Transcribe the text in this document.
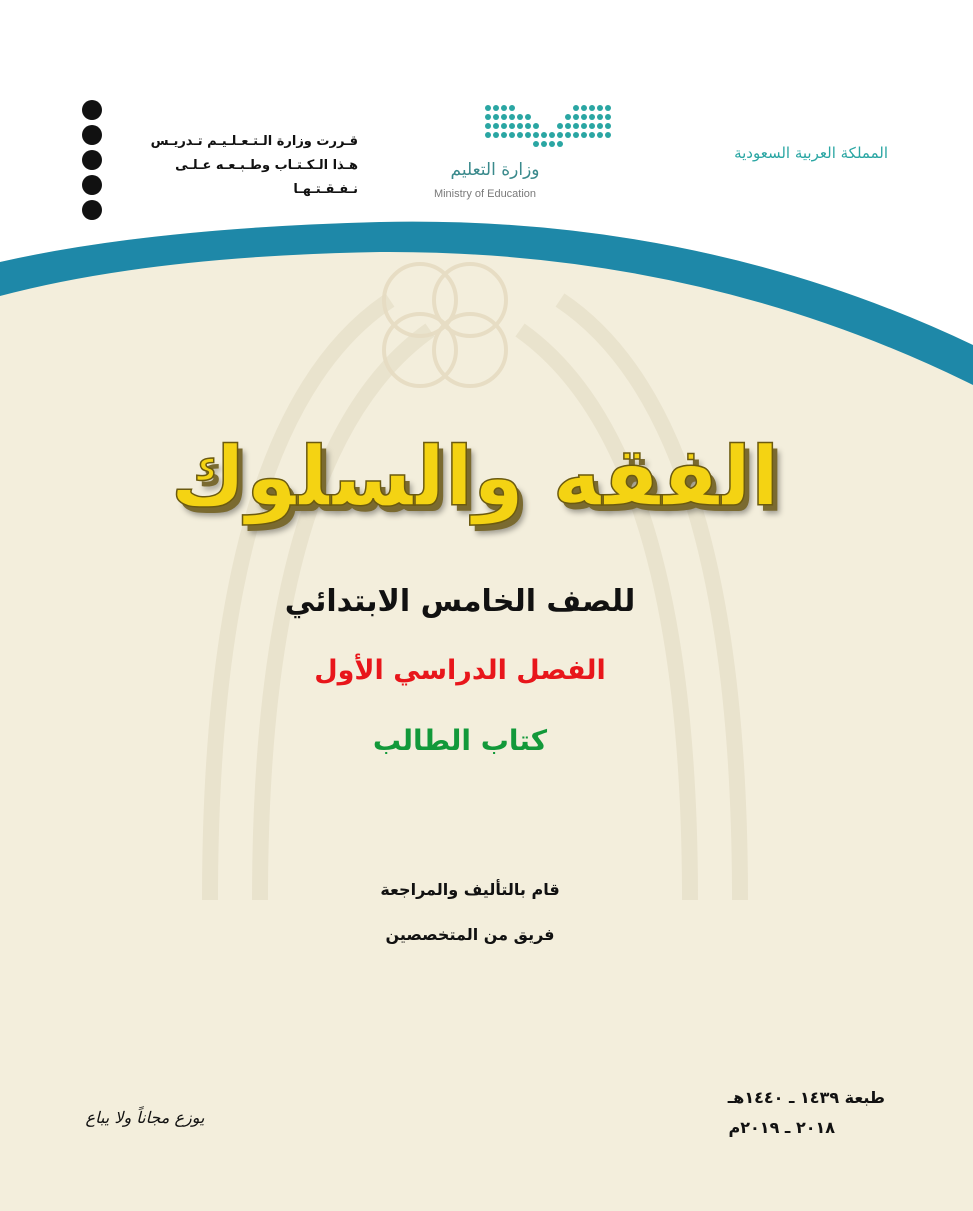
قـررت وزارة الـتـعـلـيـم تـدريـس
هـذا الـكـتـاب وطـبـعـه عـلـى نـفـقـتـهـا
وزارة التعليم
Ministry of Education
المملكة العربية السعودية
الفقه والسلوك
للصف الخامس الابتدائي
الفصل الدراسي الأول
كتاب الطالب
قام بالتأليف والمراجعة
فريق من المتخصصين
طبعة ١٤٣٩ ـ ١٤٤٠هـ
٢٠١٨ ـ ٢٠١٩م
يوزع مجاناً ولا يباع
